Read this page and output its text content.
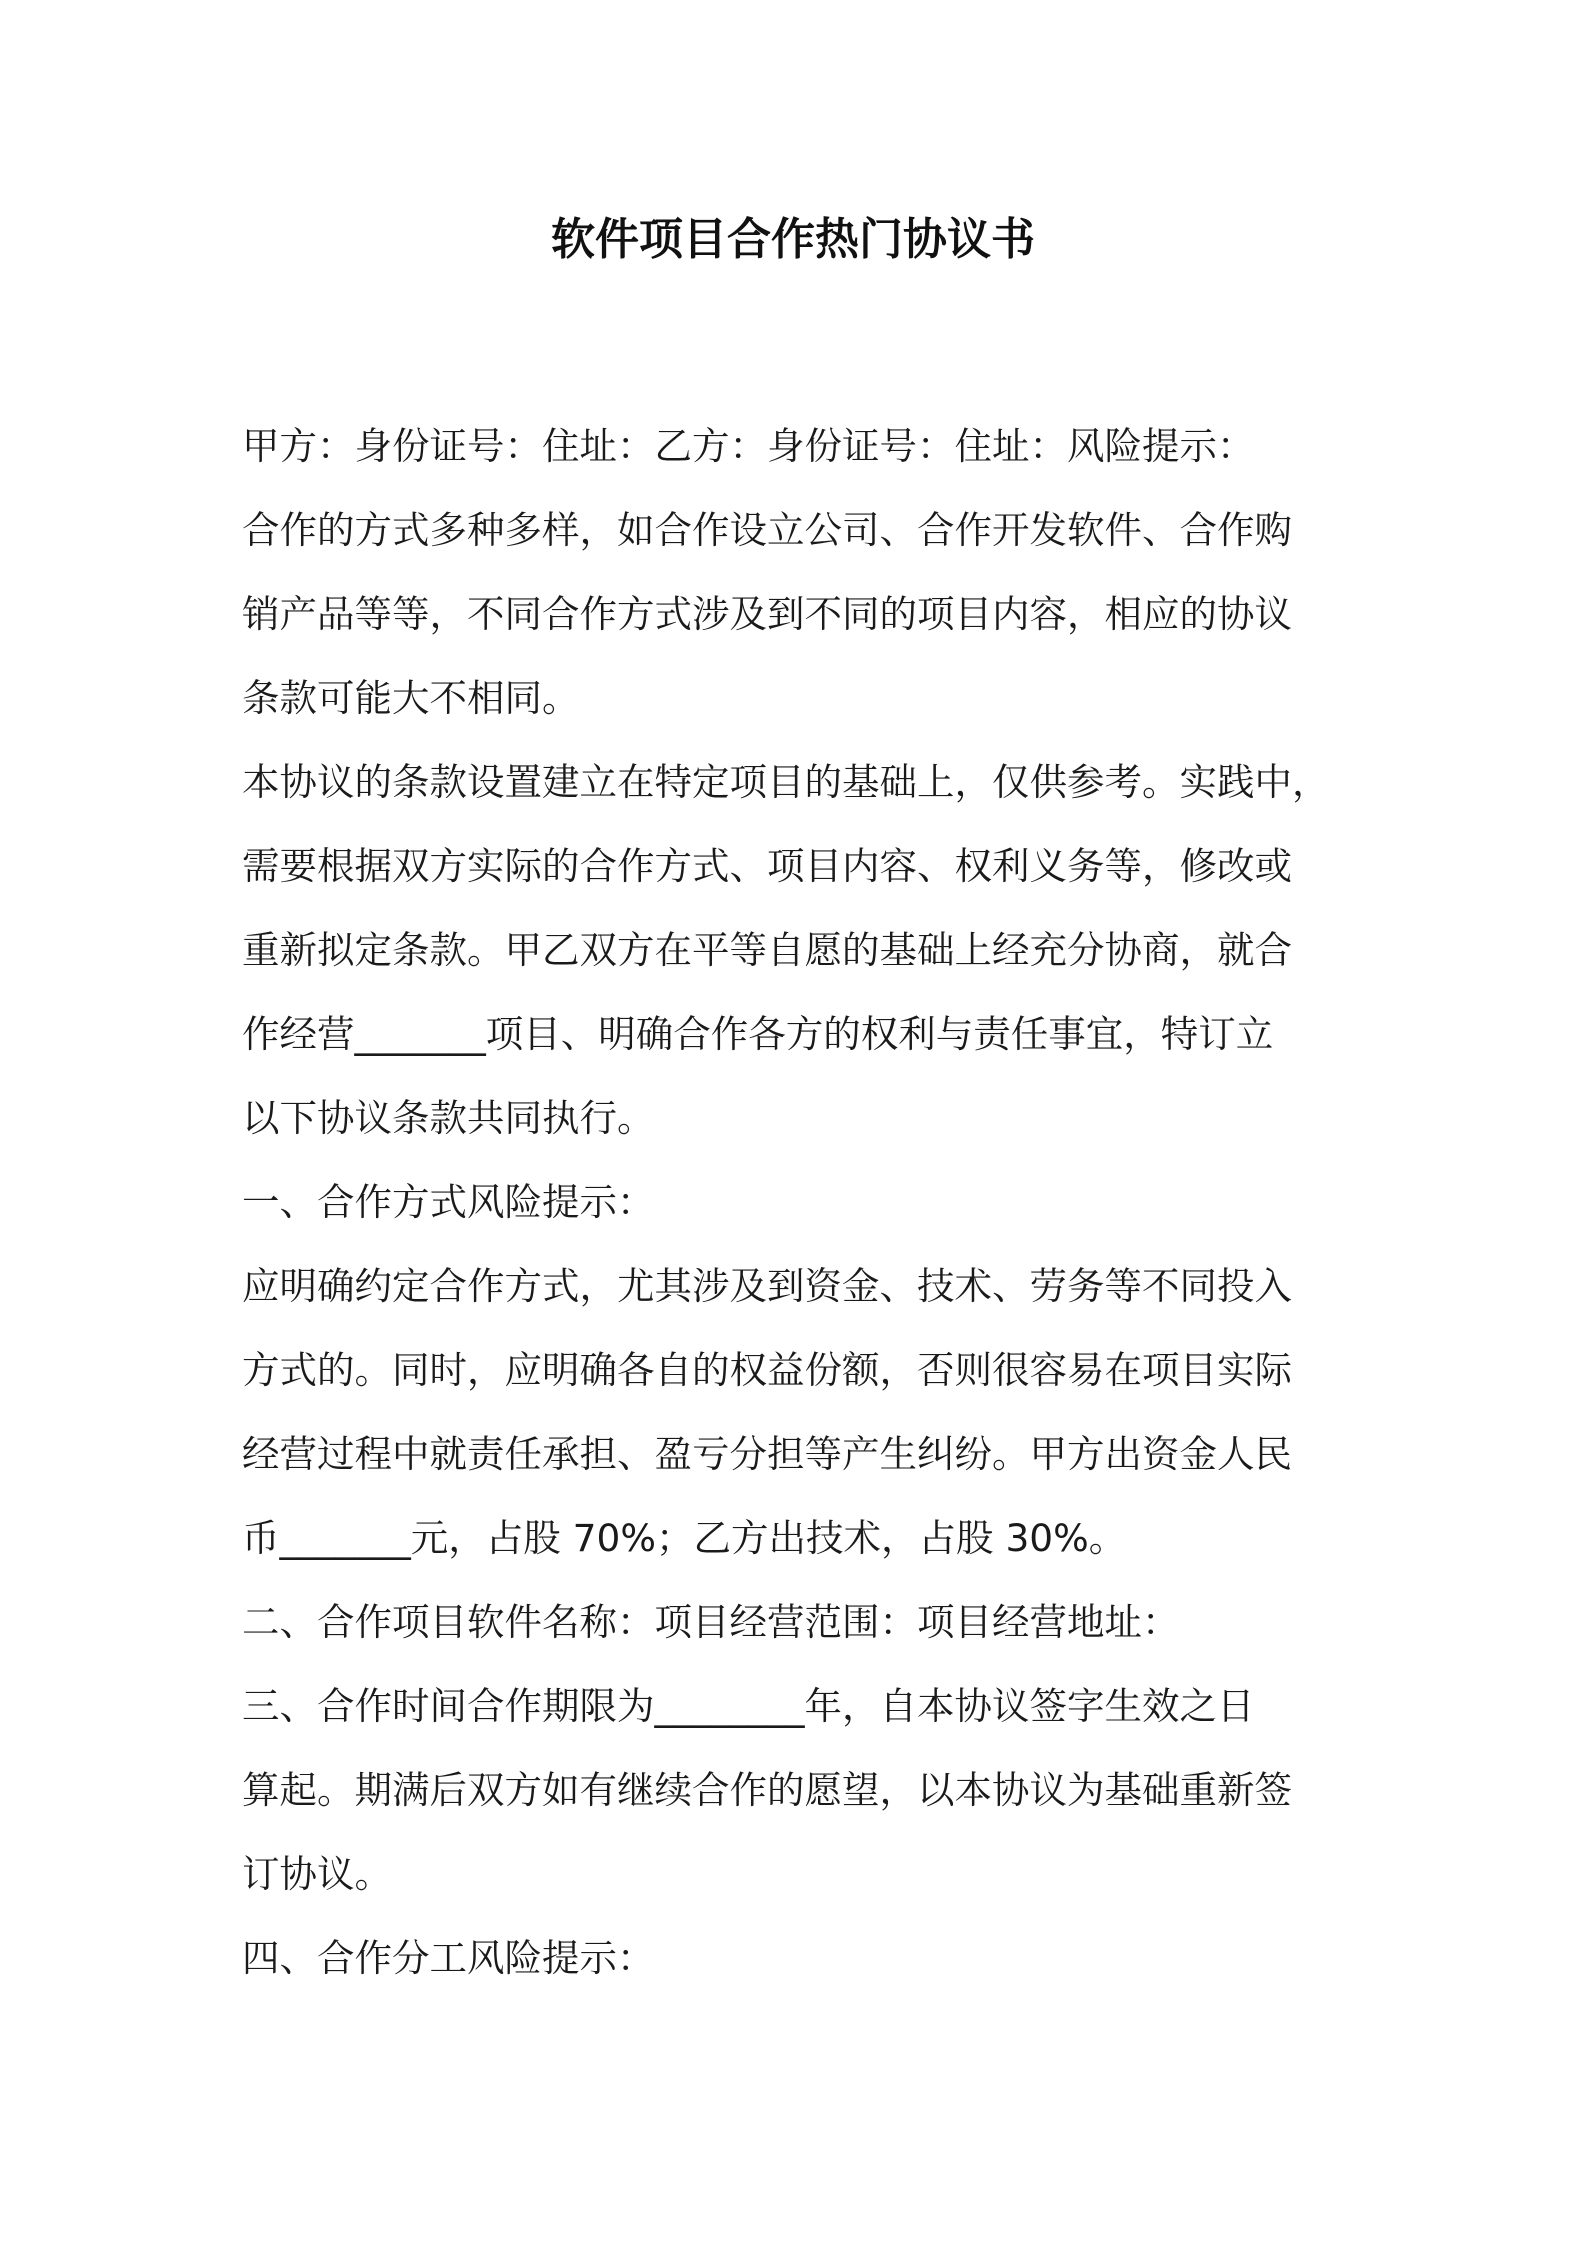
软件项目合作热门协议书
甲方：身份证号：住址：乙方：身份证号：住址：风险提示：
合作的方式多种多样，如合作设立公司、合作开发软件、合作购
销产品等等，不同合作方式涉及到不同的项目内容，相应的协议
条款可能大不相同。
本协议的条款设置建立在特定项目的基础上，仅供参考。实践中，
需要根据双方实际的合作方式、项目内容、权利义务等，修改或
重新拟定条款。甲乙双方在平等自愿的基础上经充分协商，就合
作经营_______项目、明确合作各方的权利与责任事宜，特订立
以下协议条款共同执行。
一、合作方式风险提示：
应明确约定合作方式，尤其涉及到资金、技术、劳务等不同投入
方式的。同时，应明确各自的权益份额，否则很容易在项目实际
经营过程中就责任承担、盈亏分担等产生纠纷。甲方出资金人民
币_______元，占股 70%；乙方出技术，占股 30%。
二、合作项目软件名称：项目经营范围：项目经营地址：
三、合作时间合作期限为________年，自本协议签字生效之日
算起。期满后双方如有继续合作的愿望，以本协议为基础重新签
订协议。
四、合作分工风险提示：
